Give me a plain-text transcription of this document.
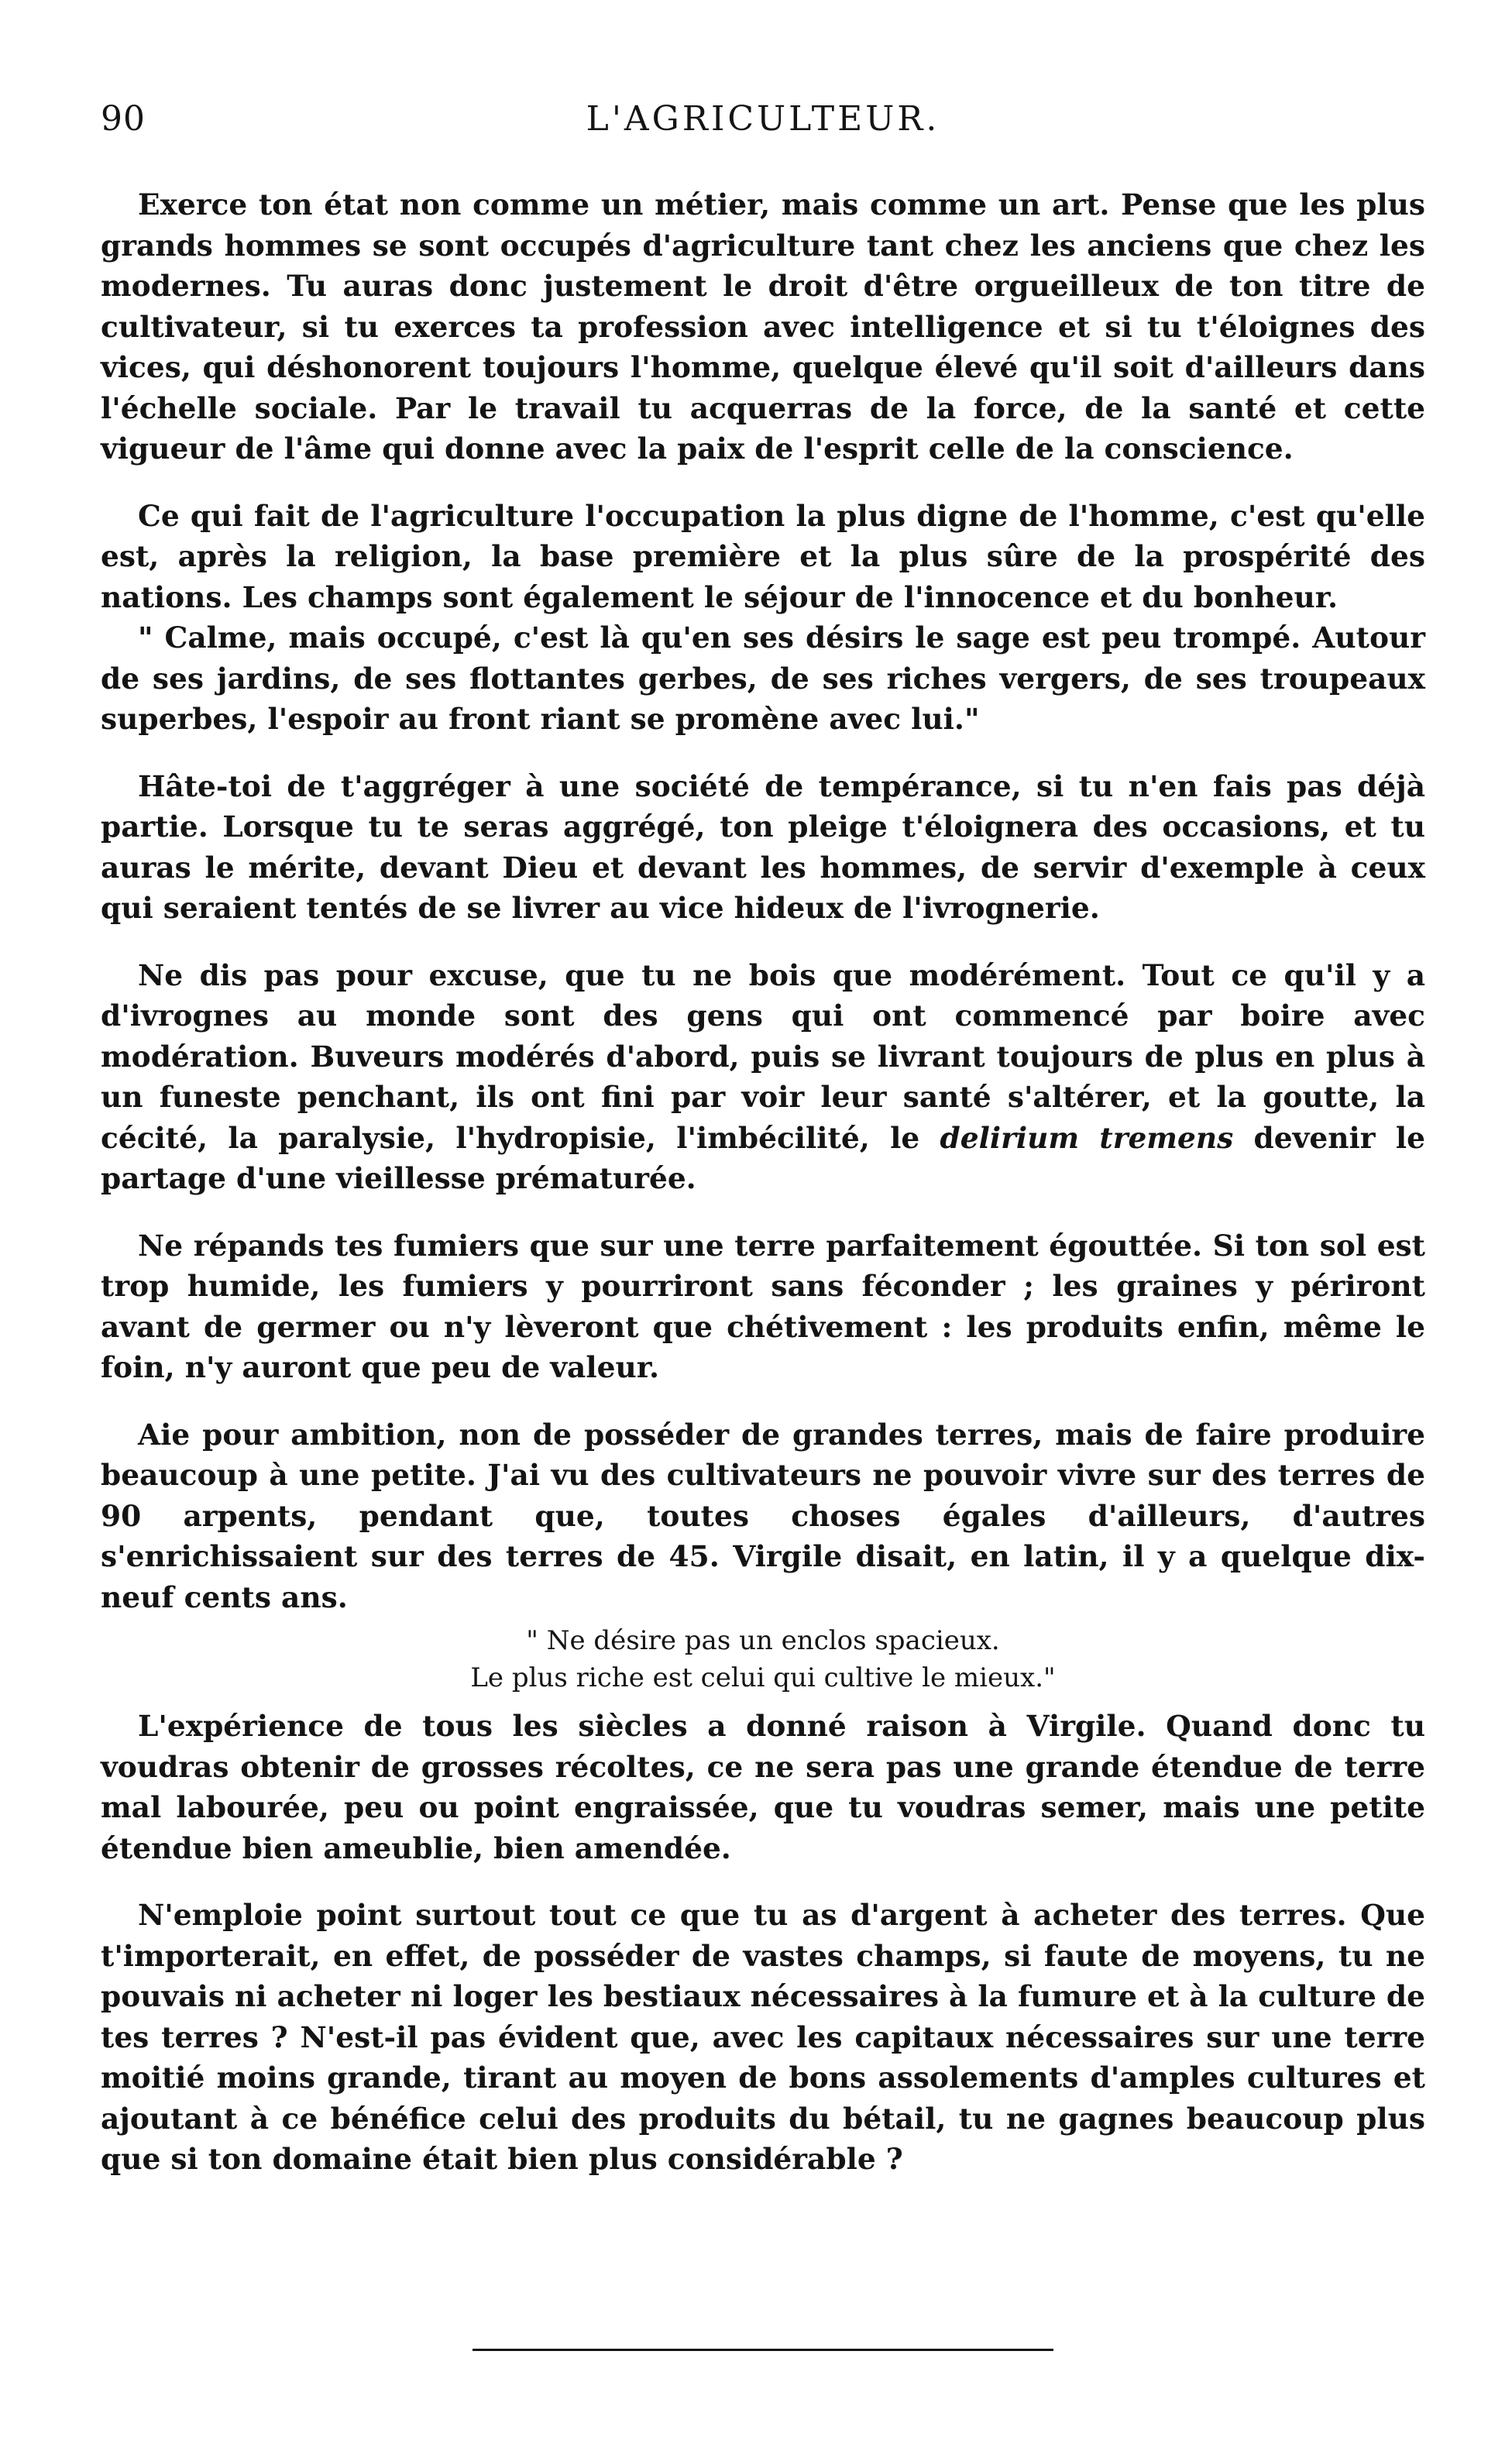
90	L'AGRICULTEUR.

Exerce ton état non comme un métier, mais comme un art. Pense que les plus grands hommes se sont occupés d'agriculture tant chez les anciens que chez les modernes. Tu auras donc justement le droit d'être orgueilleux de ton titre de cultivateur, si tu exerces ta profession avec intelligence et si tu t'éloignes des vices, qui déshonorent toujours l'homme, quelque élevé qu'il soit d'ailleurs dans l'échelle sociale. Par le travail tu acquerras de la force, de la santé et cette vigueur de l'âme qui donne avec la paix de l'esprit celle de la conscience.

Ce qui fait de l'agriculture l'occupation la plus digne de l'homme, c'est qu'elle est, après la religion, la base première et la plus sûre de la prospérité des nations. Les champs sont également le séjour de l'innocence et du bonheur.

" Calme, mais occupé, c'est là qu'en ses désirs le sage est peu trompé. Autour de ses jardins, de ses flottantes gerbes, de ses riches vergers, de ses troupeaux superbes, l'espoir au front riant se promène avec lui."

Hâte-toi de t'aggréger à une société de tempérance, si tu n'en fais pas déjà partie. Lorsque tu te seras aggrégé, ton pleige t'éloignera des occasions, et tu auras le mérite, devant Dieu et devant les hommes, de servir d'exemple à ceux qui seraient tentés de se livrer au vice hideux de l'ivrognerie.

Ne dis pas pour excuse, que tu ne bois que modérément. Tout ce qu'il y a d'ivrognes au monde sont des gens qui ont commencé par boire avec modération. Buveurs modérés d'abord, puis se livrant toujours de plus en plus à un funeste penchant, ils ont fini par voir leur santé s'altérer, et la goutte, la cécité, la paralysie, l'hydropisie, l'imbécilité, le delirium tremens devenir le partage d'une vieillesse prématurée.

Ne répands tes fumiers que sur une terre parfaitement égouttée. Si ton sol est trop humide, les fumiers y pourriront sans féconder ; les graines y périront avant de germer ou n'y lèveront que chétivement : les produits enfin, même le foin, n'y auront que peu de valeur.

Aie pour ambition, non de posséder de grandes terres, mais de faire produire beaucoup à une petite. J'ai vu des cultivateurs ne pouvoir vivre sur des terres de 90 arpents, pendant que, toutes choses égales d'ailleurs, d'autres s'enrichissaient sur des terres de 45. Virgile disait, en latin, il y a quelque dix-neuf cents ans.

" Ne désire pas un enclos spacieux.
Le plus riche est celui qui cultive le mieux."

L'expérience de tous les siècles a donné raison à Virgile. Quand donc tu voudras obtenir de grosses récoltes, ce ne sera pas une grande étendue de terre mal labourée, peu ou point engraissée, que tu voudras semer, mais une petite étendue bien ameublie, bien amendée.

N'emploie point surtout tout ce que tu as d'argent à acheter des terres. Que t'importerait, en effet, de posséder de vastes champs, si faute de moyens, tu ne pouvais ni acheter ni loger les bestiaux nécessaires à la fumure et à la culture de tes terres ? N'est-il pas évident que, avec les capitaux nécessaires sur une terre moitié moins grande, tirant au moyen de bons assolements d'amples cultures et ajoutant à ce bénéfice celui des produits du bétail, tu ne gagnes beaucoup plus que si ton domaine était bien plus considérable ?
